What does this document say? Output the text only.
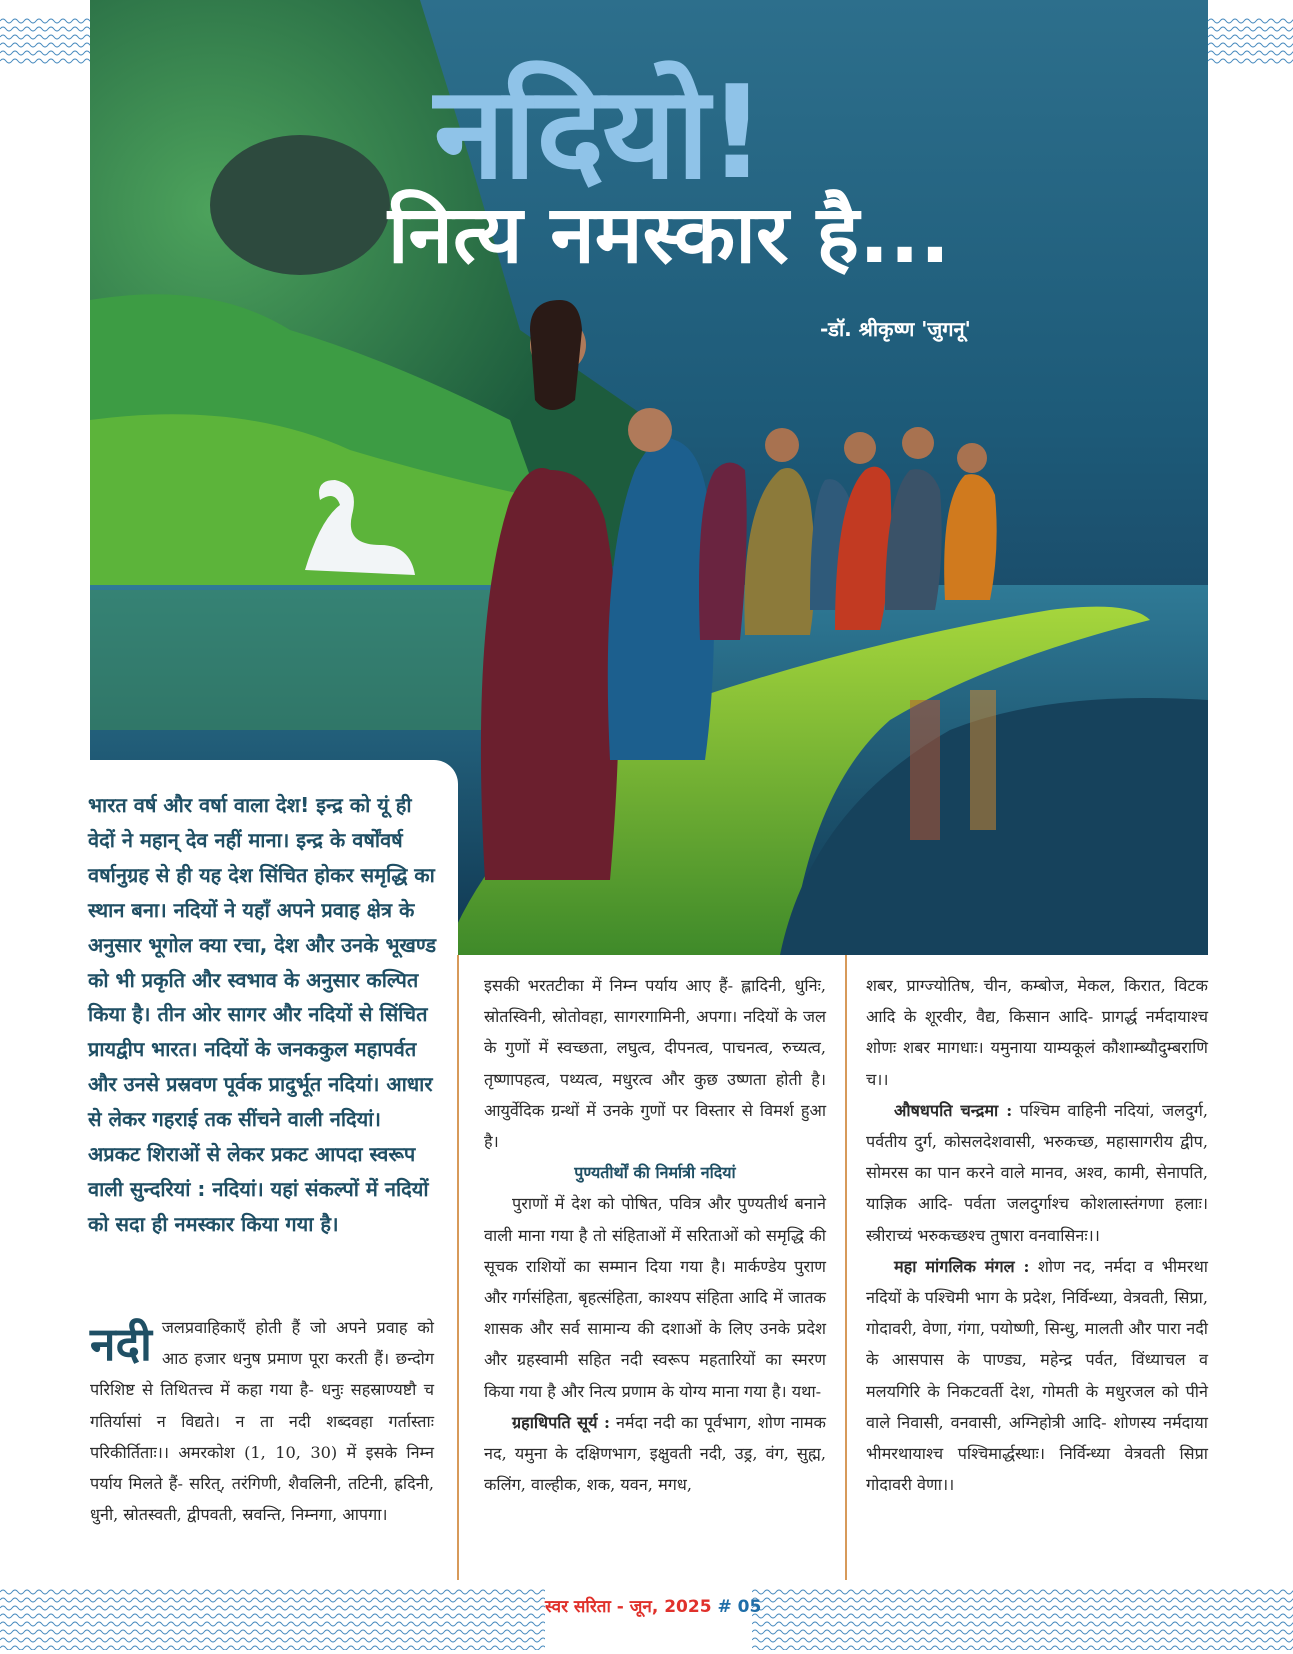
नदियो!
नित्य नमस्कार है...
-डॉ. श्रीकृष्ण 'जुगनू'
भारत वर्ष और वर्षा वाला देश! इन्द्र को यूं ही वेदों ने महान् देव नहीं माना। इन्द्र के वर्षोंवर्ष वर्षानुग्रह से ही यह देश सिंचित होकर समृद्धि का स्थान बना। नदियों ने यहाँ अपने प्रवाह क्षेत्र के अनुसार भूगोल क्या रचा, देश और उनके भूखण्ड को भी प्रकृति और स्वभाव के अनुसार कल्पित किया है। तीन ओर सागर और नदियों से सिंचित प्रायद्वीप भारत। नदियों के जनककुल महापर्वत और उनसे प्रस्रवण पूर्वक प्रादुर्भूत नदियां। आधार से लेकर गहराई तक सींचने वाली नदियां। अप्रकट शिराओं से लेकर प्रकट आपदा स्वरूप वाली सुन्दरियां : नदियां। यहां संकल्पों में नदियों को सदा ही नमस्कार किया गया है।
नदी जलप्रवाहिकाएँ होती हैं जो अपने प्रवाह को आठ हजार धनुष प्रमाण पूरा करती हैं। छन्दोग परिशिष्ट से तिथितत्त्व में कहा गया है- धनुः सहस्राण्यष्टौ च गतिर्यासां न विद्यते। न ता नदी शब्दवहा गर्तास्ताः परिकीर्तिताः।। अमरकोश (1, 10, 30) में इसके निम्न पर्याय मिलते हैं- सरित्, तरंगिणी, शैवलिनी, तटिनी, ह्रदिनी, धुनी, स्रोतस्वती, द्वीपवती, स्रवन्ति, निम्नगा, आपगा।

इसकी भरतटीका में निम्न पर्याय आए हैं- ह्लादिनी, धुनिः, स्रोतस्विनी, स्रोतोवहा, सागरगामिनी, अपगा। नदियों के जल के गुणों में स्वच्छता, लघुत्व, दीपनत्व, पाचनत्व, रुच्यत्व, तृष्णापहत्व, पथ्यत्व, मधुरत्व और कुछ उष्णता होती है। आयुर्वेदिक ग्रन्थों में उनके गुणों पर विस्तार से विमर्श हुआ है।

पुण्यतीर्थों की निर्मात्री नदियां

पुराणों में देश को पोषित, पवित्र और पुण्यतीर्थ बनाने वाली माना गया है तो संहिताओं में सरिताओं को समृद्धि की सूचक राशियों का सम्मान दिया गया है। मार्कण्डेय पुराण और गर्गसंहिता, बृहत्संहिता, काश्यप संहिता आदि में जातक शासक और सर्व सामान्य की दशाओं के लिए उनके प्रदेश और ग्रहस्वामी सहित नदी स्वरूप महतारियों का स्मरण किया गया है और नित्य प्रणाम के योग्य माना गया है। यथा-

ग्रहाधिपति सूर्य : नर्मदा नदी का पूर्वभाग, शोण नामक नद, यमुना के दक्षिणभाग, इक्षुवती नदी, उड्र, वंग, सुह्म, कलिंग, वाल्हीक, शक, यवन, मगध,

शबर, प्राग्ज्योतिष, चीन, कम्बोज, मेकल, किरात, विटक आदि के शूरवीर, वैद्य, किसान आदि- प्रागर्द्ध नर्मदायाश्च शोणः शबर मागधाः। यमुनाया याम्यकूलं कौशाम्ब्यौदुम्बराणि च।।

औषधपति चन्द्रमा : पश्चिम वाहिनी नदियां, जलदुर्ग, पर्वतीय दुर्ग, कोसलदेशवासी, भरुकच्छ, महासागरीय द्वीप, सोमरस का पान करने वाले मानव, अश्व, कामी, सेनापति, याज्ञिक आदि- पर्वता जलदुर्गाश्च कोशलास्तंगणा हलाः। स्त्रीराच्यं भरुकच्छश्च तुषारा वनवासिनः।।

महा मांगलिक मंगल : शोण नद, नर्मदा व भीमरथा नदियों के पश्चिमी भाग के प्रदेश, निर्विन्ध्या, वेत्रवती, सिप्रा, गोदावरी, वेणा, गंगा, पयोष्णी, सिन्धु, मालती और पारा नदी के आसपास के पाण्ड्य, महेन्द्र पर्वत, विंध्याचल व मलयगिरि के निकटवर्ती देश, गोमती के मधुरजल को पीने वाले निवासी, वनवासी, अग्निहोत्री आदि- शोणस्य नर्मदाया भीमरथायाश्च पश्चिमार्द्धस्थाः। निर्विन्ध्या वेत्रवती सिप्रा गोदावरी वेणा।।

स्वर सरिता - जून, 2025 # 05
